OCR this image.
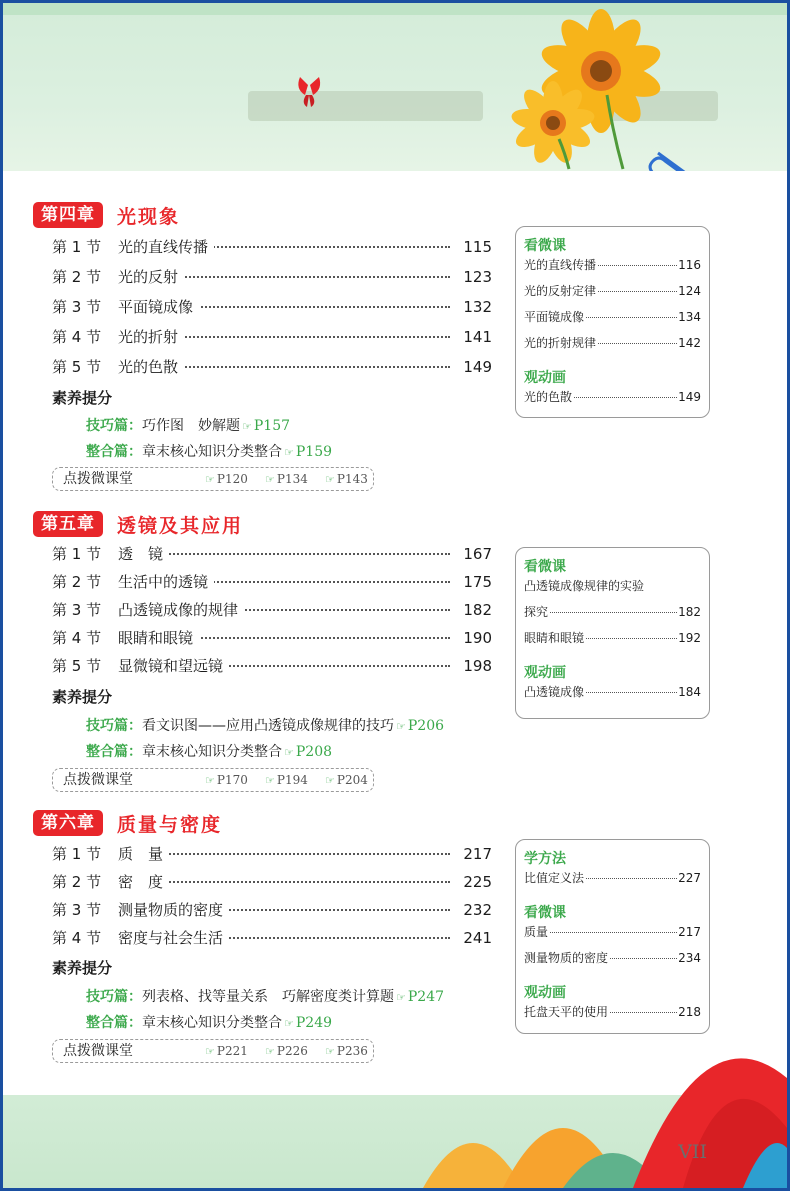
第四章	光现象
第 1 节 光的直线传播	115
第 2 节 光的反射	123
第 3 节 平面镜成像	132
第 4 节 光的折射	141
第 5 节 光的色散	149
素养提分
技巧篇：巧作图　妙解题 ☞ P157
整合篇：章末核心知识分类整合 ☞ P159
点拨微课堂	☞ P120 ☞ P134 ☞ P143
看微课
光的直线传播	116
光的反射定律	124
平面镜成像	134
光的折射规律	142
观动画
光的色散	149
第五章	透镜及其应用
第 1 节 透　镜	167
第 2 节 生活中的透镜	175
第 3 节 凸透镜成像的规律	182
第 4 节 眼睛和眼镜	190
第 5 节 显微镜和望远镜	198
素养提分
技巧篇：看文识图——应用凸透镜成像规律的技巧 ☞ P206
整合篇：章末核心知识分类整合 ☞ P208
点拨微课堂	☞ P170 ☞ P194 ☞ P204
看微课
凸透镜成像规律的实验
探究	182
眼睛和眼镜	192
观动画
凸透镜成像	184
第六章	质量与密度
第 1 节 质　量	217
第 2 节 密　度	225
第 3 节 测量物质的密度	232
第 4 节 密度与社会生活	241
素养提分
技巧篇：列表格、找等量关系　巧解密度类计算题 ☞ P247
整合篇：章末核心知识分类整合 ☞ P249
点拨微课堂	☞ P221 ☞ P226 ☞ P236
学方法
比值定义法	227
看微课
质量	217
测量物质的密度	234
观动画
托盘天平的使用	218
VII
